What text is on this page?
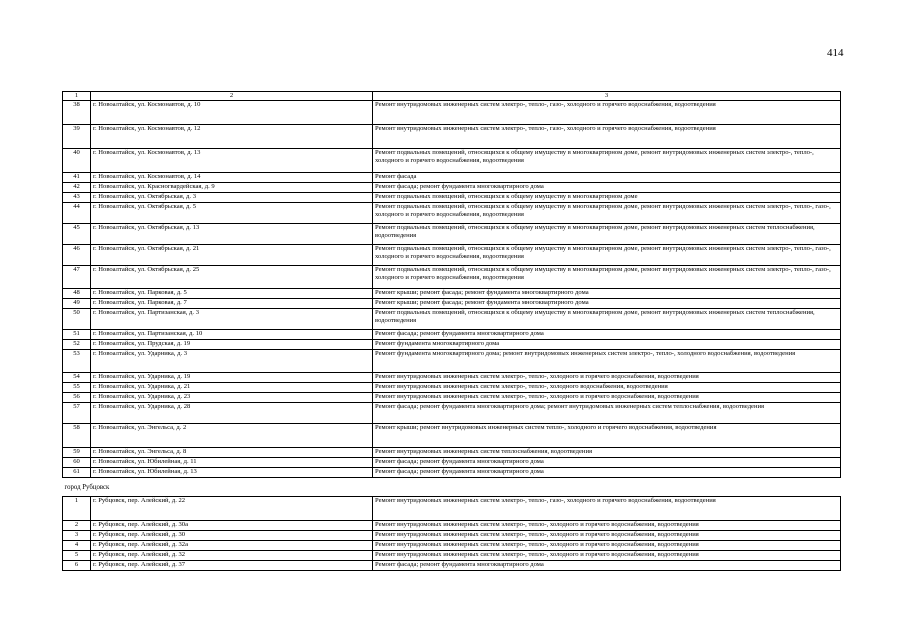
414
1	2	3
38	г. Новоалтайск, ул. Космонавтов, д. 10	Ремонт внутридомовых инженерных систем электро-, тепло-, газо-, холодного и горячего водоснабжения, водоотведения
39	г. Новоалтайск, ул. Космонавтов, д. 12	Ремонт внутридомовых инженерных систем электро-, тепло-, газо-, холодного и горячего водоснабжения, водоотведения
40	г. Новоалтайск, ул. Космонавтов, д. 13	Ремонт подвальных помещений, относящихся к общему имуществу в многоквартирном доме, ремонт внутридомовых инженерных систем электро-, тепло-, холодного и горячего водоснабжения, водоотведения
41	г. Новоалтайск, ул. Космонавтов, д. 14	Ремонт фасада
42	г. Новоалтайск, ул. Красногвардейская, д. 9	Ремонт фасада; ремонт фундамента многоквартирного дома
43	г. Новоалтайск, ул. Октябрьская, д. 3	Ремонт подвальных помещений, относящихся к общему имуществу в многоквартирном доме
44	г. Новоалтайск, ул. Октябрьская, д. 5	Ремонт подвальных помещений, относящихся к общему имуществу в многоквартирном доме, ремонт внутридомовых инженерных систем электро-, тепло-, газо-, холодного и горячего водоснабжения, водоотведения
45	г. Новоалтайск, ул. Октябрьская, д. 13	Ремонт подвальных помещений, относящихся к общему имуществу в многоквартирном доме, ремонт внутридомовых инженерных систем теплоснабжения, водоотведения
46	г. Новоалтайск, ул. Октябрьская, д. 21	Ремонт подвальных помещений, относящихся к общему имуществу в многоквартирном доме, ремонт внутридомовых инженерных систем электро-, тепло-, газо-, холодного и горячего водоснабжения, водоотведения
47	г. Новоалтайск, ул. Октябрьская, д. 25	Ремонт подвальных помещений, относящихся к общему имуществу в многоквартирном доме, ремонт внутридомовых инженерных систем электро-, тепло-, газо-, холодного и горячего водоснабжения, водоотведения
48	г. Новоалтайск, ул. Парковая, д. 5	Ремонт крыши; ремонт фасада; ремонт фундамента многоквартирного дома
49	г. Новоалтайск, ул. Парковая, д. 7	Ремонт крыши; ремонт фасада; ремонт фундамента многоквартирного дома
50	г. Новоалтайск, ул. Партизанская, д. 3	Ремонт подвальных помещений, относящихся к общему имуществу в многоквартирном доме, ремонт внутридомовых инженерных систем теплоснабжения, водоотведения
51	г. Новоалтайск, ул. Партизанская, д. 10	Ремонт фасада; ремонт фундамента многоквартирного дома
52	г. Новоалтайск, ул. Прудская, д. 19	Ремонт фундамента многоквартирного дома
53	г. Новоалтайск, ул. Ударника, д. 3	Ремонт фундамента многоквартирного дома; ремонт внутридомовых инженерных систем электро-, тепло-, холодного водоснабжения, водоотведения
54	г. Новоалтайск, ул. Ударника, д. 19	Ремонт внутридомовых инженерных систем электро-, тепло-, холодного и горячего водоснабжения, водоотведения
55	г. Новоалтайск, ул. Ударника, д. 21	Ремонт внутридомовых инженерных систем электро-, тепло-, холодного водоснабжения, водоотведения
56	г. Новоалтайск, ул. Ударника, д. 23	Ремонт внутридомовых инженерных систем электро-, тепло-, холодного и горячего водоснабжения, водоотведения
57	г. Новоалтайск, ул. Ударника, д. 28	Ремонт фасада; ремонт фундамента многоквартирного дома; ремонт внутридомовых инженерных систем теплоснабжения, водоотведения
58	г. Новоалтайск, ул. Энгельса, д. 2	Ремонт крыши; ремонт внутридомовых инженерных систем тепло-, холодного и горячего водоснабжения, водоотведения
59	г. Новоалтайск, ул. Энгельса, д. 8	Ремонт внутридомовых инженерных систем теплоснабжения, водоотведения
60	г. Новоалтайск, ул. Юбилейная, д. 11	Ремонт фасада; ремонт фундамента многоквартирного дома
61	г. Новоалтайск, ул. Юбилейная, д. 13	Ремонт фасада; ремонт фундамента многоквартирного дома
город Рубцовск		
1	г. Рубцовск, пер. Алейский, д. 22	Ремонт внутридомовых инженерных систем электро-, тепло-, газо-, холодного и горячего водоснабжения, водоотведения
2	г. Рубцовск, пер. Алейский, д. 30а	Ремонт внутридомовых инженерных систем электро-, тепло-, холодного и горячего водоснабжения, водоотведения
3	г. Рубцовск, пер. Алейский, д. 30	Ремонт внутридомовых инженерных систем электро-, тепло-, холодного и горячего водоснабжения, водоотведения
4	г. Рубцовск, пер. Алейский, д. 32а	Ремонт внутридомовых инженерных систем электро-, тепло-, холодного и горячего водоснабжения, водоотведения
5	г. Рубцовск, пер. Алейский, д. 32	Ремонт внутридомовых инженерных систем электро-, тепло-, холодного и горячего водоснабжения, водоотведения
6	г. Рубцовск, пер. Алейский, д. 37	Ремонт фасада; ремонт фундамента многоквартирного дома
